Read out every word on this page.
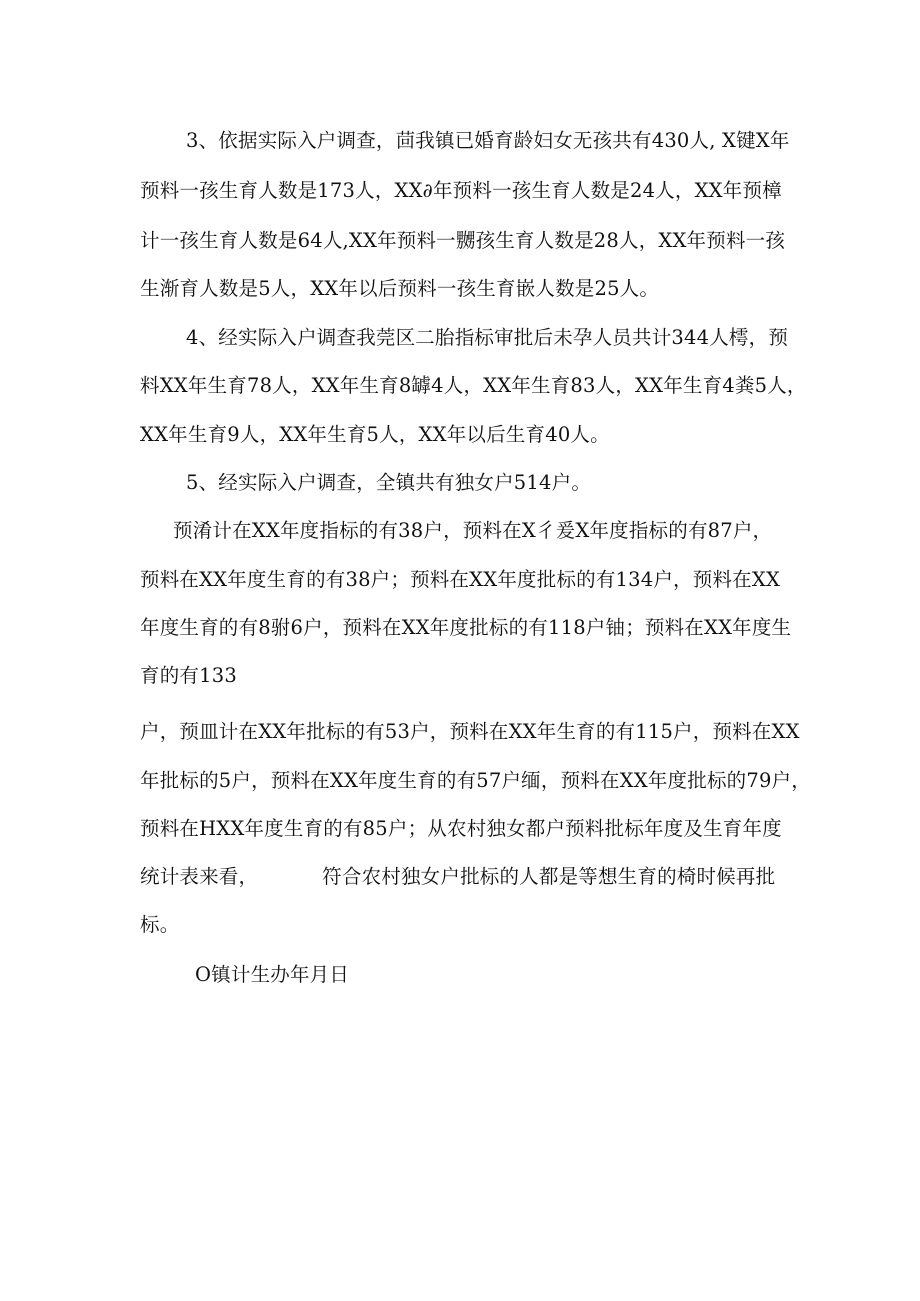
3、依据实际入户调查，茴我镇已婚育龄妇女无孩共有430人, X键X年
预料一孩生育人数是173人，XX∂年预料一孩生育人数是24人，XX年预樟
计一孩生育人数是64人,XX年预料一嬲孩生育人数是28人，XX年预料一孩
生渐育人数是5人，XX年以后预料一孩生育嵌人数是25人。
4、经实际入户调查我莞区二胎指标审批后未孕人员共计344人樗，预
料XX年生育78人，XX年生育8罅4人，XX年生育83人，XX年生育4粪5人，
XX年生育9人，XX年生育5人，XX年以后生育40人。
5、经实际入户调查，全镇共有独女户514户。
预淆计在XX年度指标的有38户，预料在X彳爰X年度指标的有87户，
预料在XX年度生育的有38户；预料在XX年度批标的有134户，预料在XX
年度生育的有8驸6户，预料在XX年度批标的有118户铀；预料在XX年度生
育的有133
户，预皿计在XX年批标的有53户，预料在XX年生育的有115户，预料在XX
年批标的5户，预料在XX年度生育的有57户缅，预料在XX年度批标的79户，
预料在HXX年度生育的有85户；从农村独女都户预料批标年度及生育年度
统计表来看，          符合农村独女户批标的人都是等想生育的椅时候再批
标。
O镇计生办年月日
